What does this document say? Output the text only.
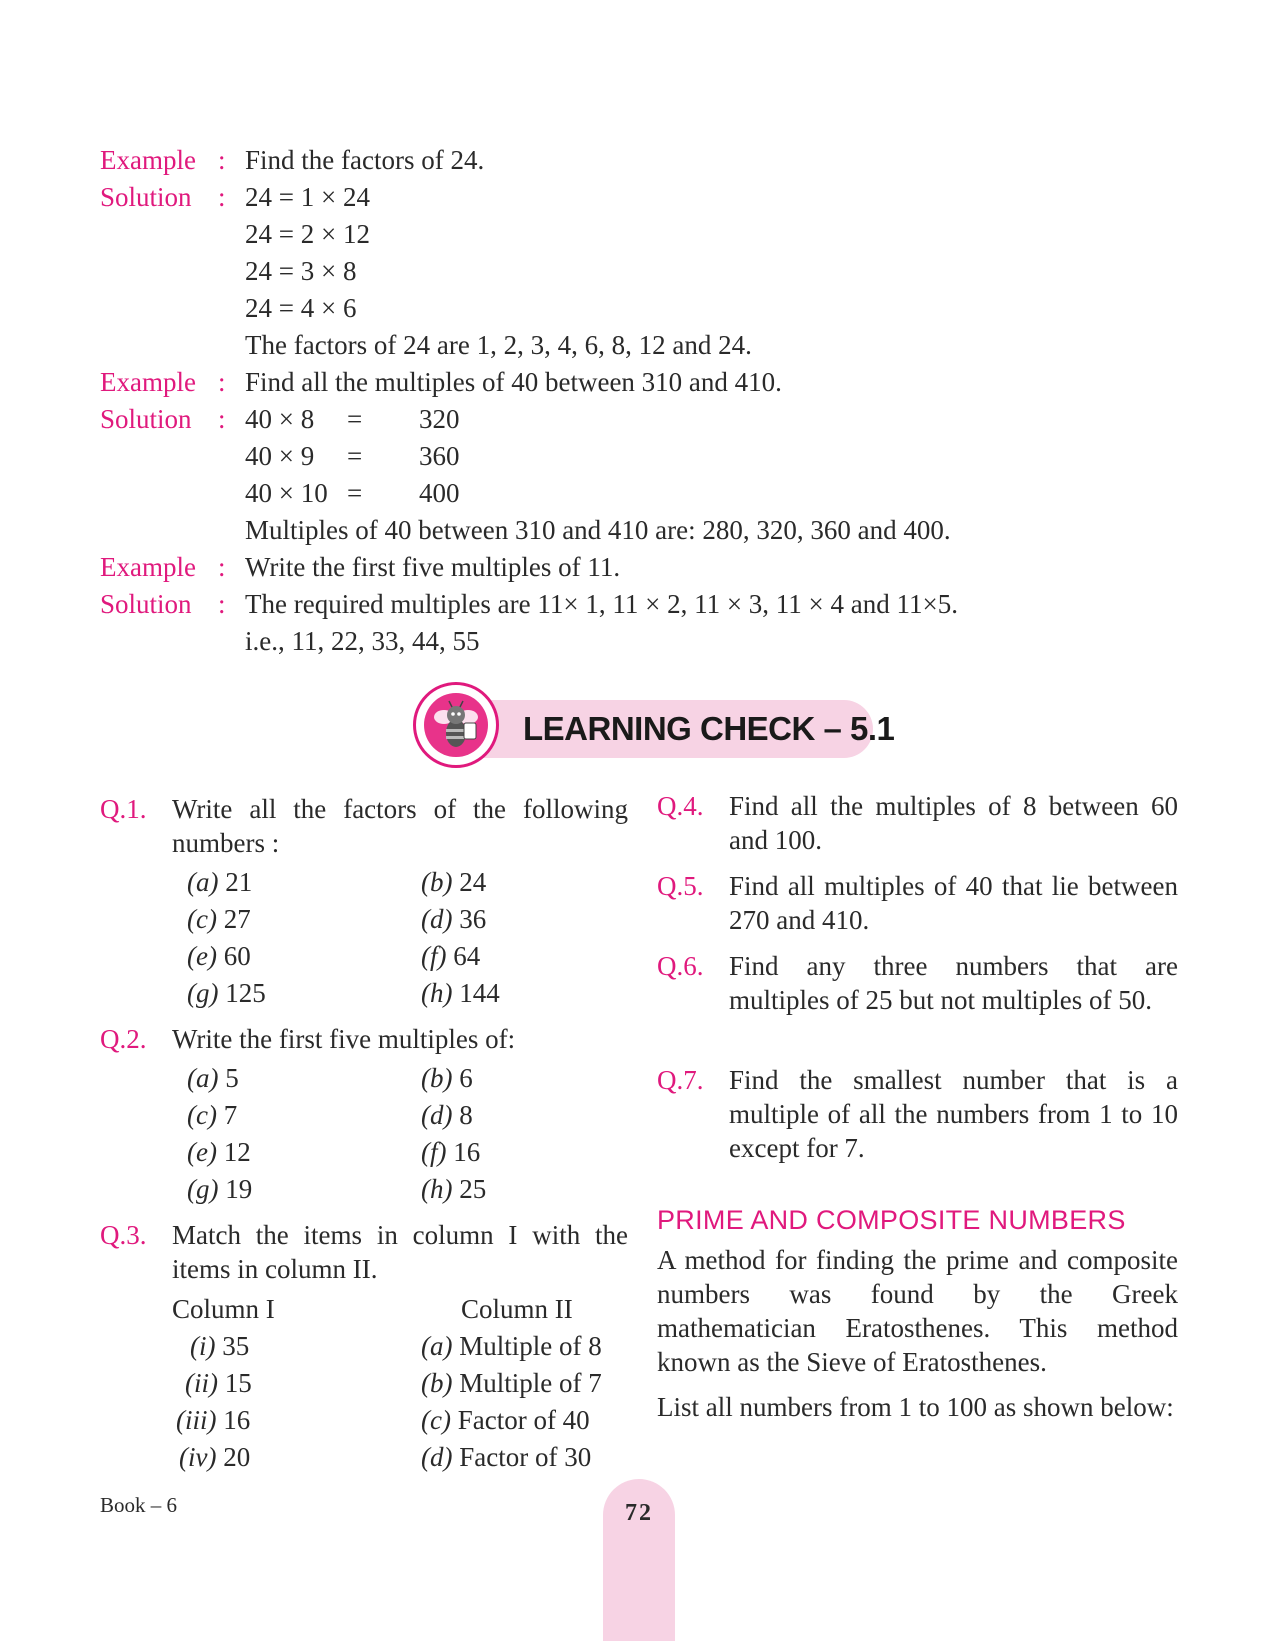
Example : Find the factors of 24.
Solution : 24 = 1 × 24
24 = 2 × 12
24 = 3 × 8
24 = 4 × 6
The factors of 24 are 1, 2, 3, 4, 6, 8, 12 and 24.
Example : Find all the multiples of 40 between 310 and 410.
Solution : 40 × 8 = 320
40 × 9 = 360
40 × 10 = 400
Multiples of 40 between 310 and 410 are: 280, 320, 360 and 400.
Example : Write the first five multiples of 11.
Solution : The required multiples are 11× 1, 11 × 2, 11 × 3, 11 × 4 and 11×5.
i.e., 11, 22, 33, 44, 55
LEARNING CHECK – 5.1
Q.1. Write all the factors of the following numbers :
(a) 21	(b) 24
(c) 27	(d) 36
(e) 60	(f) 64
(g) 125	(h) 144
Q.2. Write the first five multiples of:
(a) 5	(b) 6
(c) 7	(d) 8
(e) 12	(f) 16
(g) 19	(h) 25
Q.3. Match the items in column I with the items in column II.
Column I	Column II
(i) 35	(a) Multiple of 8
(ii) 15	(b) Multiple of 7
(iii) 16	(c) Factor of 40
(iv) 20	(d) Factor of 30
Q.4. Find all the multiples of 8 between 60 and 100.
Q.5. Find all multiples of 40 that lie between 270 and 410.
Q.6. Find any three numbers that are multiples of 25 but not multiples of 50.
Q.7. Find the smallest number that is a multiple of all the numbers from 1 to 10 except for 7.
PRIME AND COMPOSITE NUMBERS
A method for finding the prime and composite numbers was found by the Greek mathematician Eratosthenes. This method known as the Sieve of Eratosthenes.
List all numbers from 1 to 100 as shown below:
Book – 6	72
